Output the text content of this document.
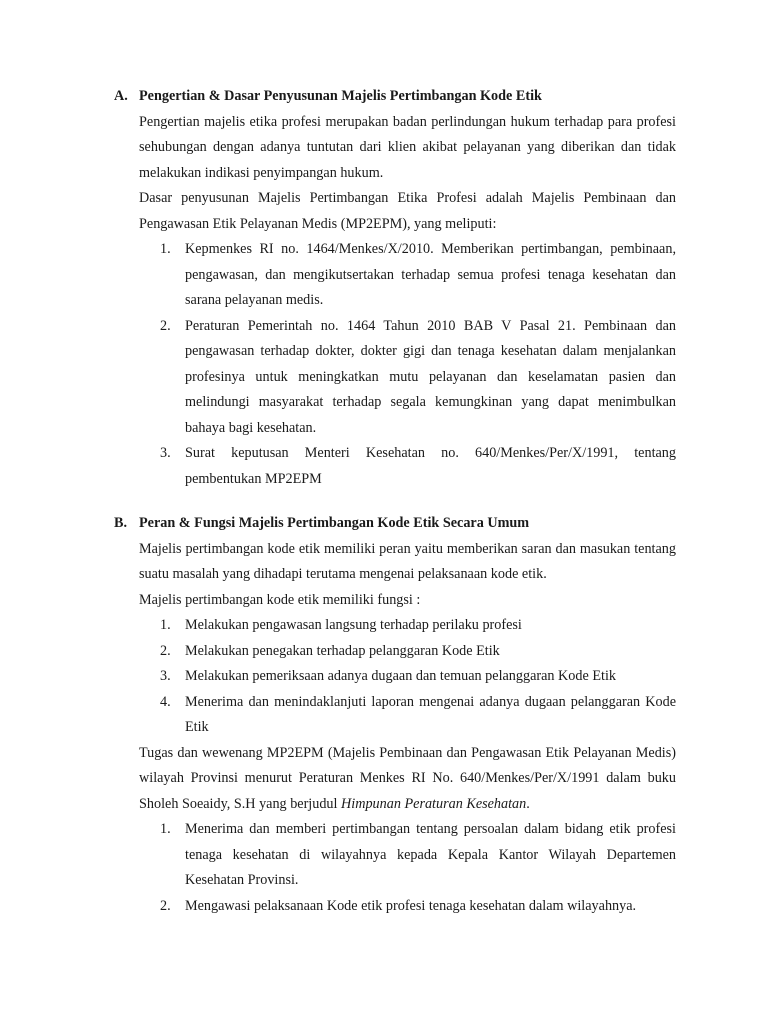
A. Pengertian & Dasar Penyusunan Majelis Pertimbangan Kode Etik

Pengertian majelis etika profesi merupakan badan perlindungan hukum terhadap para profesi sehubungan dengan adanya tuntutan dari klien akibat pelayanan yang diberikan dan tidak melakukan indikasi penyimpangan hukum.

Dasar penyusunan Majelis Pertimbangan Etika Profesi adalah Majelis Pembinaan dan Pengawasan Etik Pelayanan Medis (MP2EPM), yang meliputi:

1. Kepmenkes RI no. 1464/Menkes/X/2010. Memberikan pertimbangan, pembinaan, pengawasan, dan mengikutsertakan terhadap semua profesi tenaga kesehatan dan sarana pelayanan medis.
2. Peraturan Pemerintah no. 1464 Tahun 2010 BAB V Pasal 21. Pembinaan dan pengawasan terhadap dokter, dokter gigi dan tenaga kesehatan dalam menjalankan profesinya untuk meningkatkan mutu pelayanan dan keselamatan pasien dan melindungi masyarakat terhadap segala kemungkinan yang dapat menimbulkan bahaya bagi kesehatan.
3. Surat keputusan Menteri Kesehatan no. 640/Menkes/Per/X/1991, tentang pembentukan MP2EPM
B. Peran & Fungsi Majelis Pertimbangan Kode Etik Secara Umum

Majelis pertimbangan kode etik memiliki peran yaitu memberikan saran dan masukan tentang suatu masalah yang dihadapi terutama mengenai pelaksanaan kode etik.

Majelis pertimbangan kode etik memiliki fungsi :

1. Melakukan pengawasan langsung terhadap perilaku profesi
2. Melakukan penegakan terhadap pelanggaran Kode Etik
3. Melakukan pemeriksaan adanya dugaan dan temuan pelanggaran Kode Etik
4. Menerima dan menindaklanjuti laporan mengenai adanya dugaan pelanggaran Kode Etik

Tugas dan wewenang MP2EPM (Majelis Pembinaan dan Pengawasan Etik Pelayanan Medis) wilayah Provinsi menurut Peraturan Menkes RI No. 640/Menkes/Per/X/1991 dalam buku Sholeh Soeaidy, S.H yang berjudul Himpunan Peraturan Kesehatan.

1. Menerima dan memberi pertimbangan tentang persoalan dalam bidang etik profesi tenaga kesehatan di wilayahnya kepada Kepala Kantor Wilayah Departemen Kesehatan Provinsi.
2. Mengawasi pelaksanaan Kode etik profesi tenaga kesehatan dalam wilayahnya.
